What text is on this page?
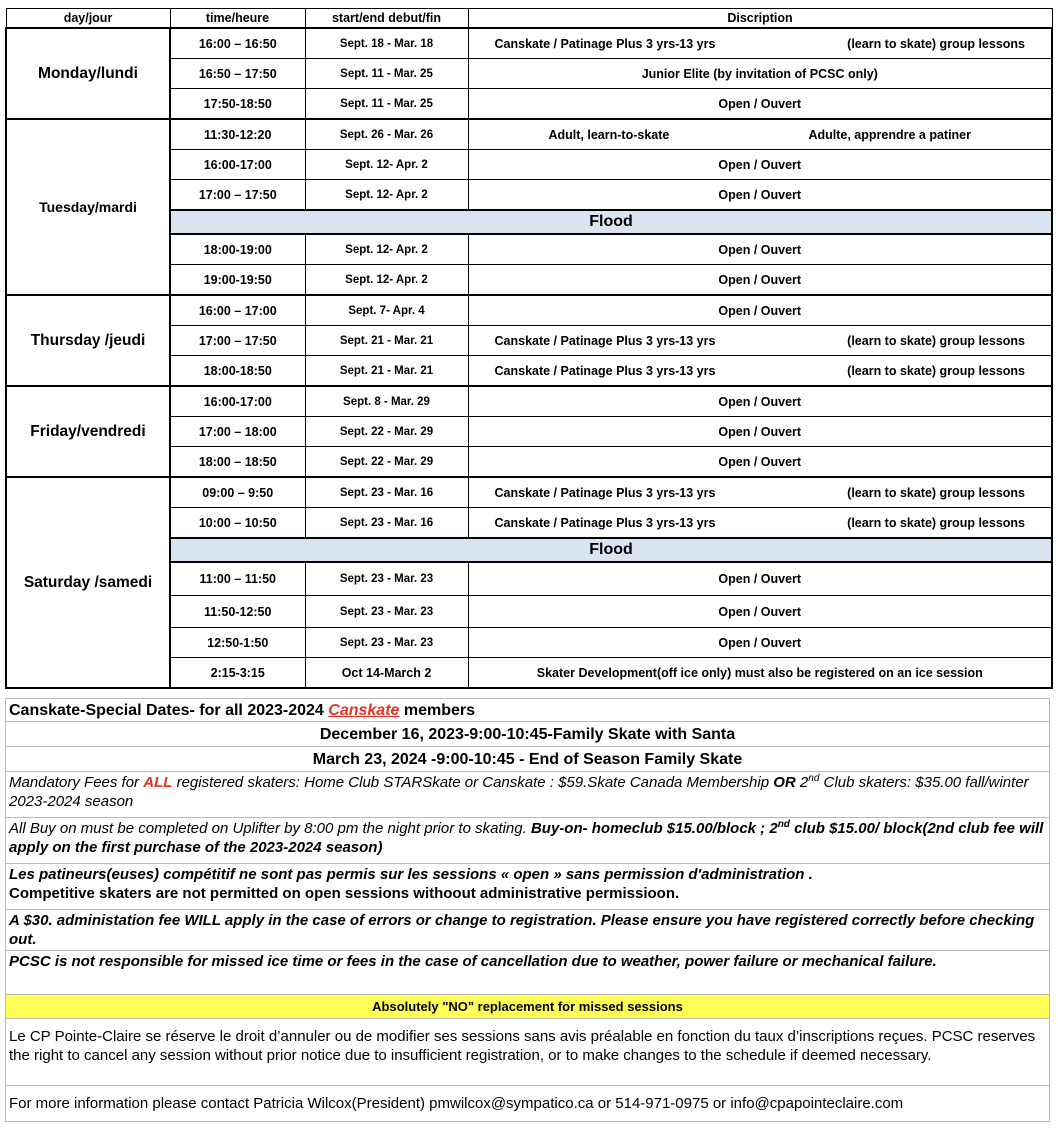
day/jour	time/heure	start/end debut/fin	Discription
Monday/lundi	16:00 – 16:50	Sept. 18 - Mar. 18	Canskate / Patinage Plus 3 yrs-13 yrs (learn to skate) group lessons

	16:50 – 17:50	Sept. 11 - Mar. 25	Junior Elite (by invitation of PCSC only)
	17:50-18:50	Sept. 11 - Mar. 25	Open / Ouvert
Tuesday/mardi	11:30-12:20	Sept. 26 - Mar. 26	Adult, learn-to-skate Adulte, apprendre a patiner

	16:00-17:00	Sept. 12- Apr. 2	Open / Ouvert
	17:00 – 17:50	Sept. 12- Apr. 2	Open / Ouvert
	Flood		
	18:00-19:00	Sept. 12- Apr. 2	Open / Ouvert
	19:00-19:50	Sept. 12- Apr. 2	Open / Ouvert
Thursday /jeudi	16:00 – 17:00	Sept. 7- Apr. 4	Open / Ouvert
	17:00 – 17:50	Sept. 21 - Mar. 21	Canskate / Patinage Plus 3 yrs-13 yrs (learn to skate) group lessons

	18:00-18:50	Sept. 21 - Mar. 21	Canskate / Patinage Plus 3 yrs-13 yrs (learn to skate) group lessons

Friday/vendredi	16:00-17:00	Sept. 8 - Mar. 29	Open / Ouvert
	17:00 – 18:00	Sept. 22 - Mar. 29	Open / Ouvert
	18:00 – 18:50	Sept. 22 - Mar. 29	Open / Ouvert
Saturday /samedi	09:00 – 9:50	Sept. 23 - Mar. 16	Canskate / Patinage Plus 3 yrs-13 yrs (learn to skate) group lessons

	10:00 – 10:50	Sept. 23 - Mar. 16	Canskate / Patinage Plus 3 yrs-13 yrs (learn to skate) group lessons

	Flood		
	11:00 – 11:50	Sept. 23 - Mar. 23	Open / Ouvert
	11:50-12:50	Sept. 23 - Mar. 23	Open / Ouvert
	12:50-1:50	Sept. 23 - Mar. 23	Open / Ouvert
	2:15-3:15	Oct 14-March 2	Skater Development(off ice only) must also be registered on an ice session
Canskate-Special Dates- for all 2023-2024 Canskate members
December 16, 2023-9:00-10:45-Family Skate with Santa
March 23, 2024 -9:00-10:45 - End of Season Family Skate
Mandatory Fees for ALL registered skaters: Home Club STARSkate or Canskate : $59.Skate Canada Membership OR 2nd Club skaters: $35.00 fall/winter 2023-2024 season
All Buy on must be completed on Uplifter by 8:00 pm the night prior to skating. Buy-on- homeclub $15.00/block ; 2nd club $15.00/ block(2nd club fee will apply on the first purchase of the 2023-2024 season)
Les patineurs(euses) compétitif ne sont pas permis sur les sessions « open » sans permission d'administration .
Competitive skaters are not permitted on open sessions withoout administrative permissioon.
A $30. administation fee WILL apply in the case of errors or change to registration. Please ensure you have registered correctly before checking out.
PCSC is not responsible for missed ice time or fees in the case of cancellation due to weather, power failure or mechanical failure.
Absolutely "NO" replacement for missed sessions
Le CP Pointe-Claire se réserve le droit d’annuler ou de modifier ses sessions sans avis préalable en fonction du taux d’inscriptions reçues. PCSC reserves the right to cancel any session without prior notice due to insufficient registration, or to make changes to the schedule if deemed necessary.
For more information please contact Patricia Wilcox(President) pmwilcox@sympatico.ca or 514-971-0975 or info@cpapointeclaire.com
